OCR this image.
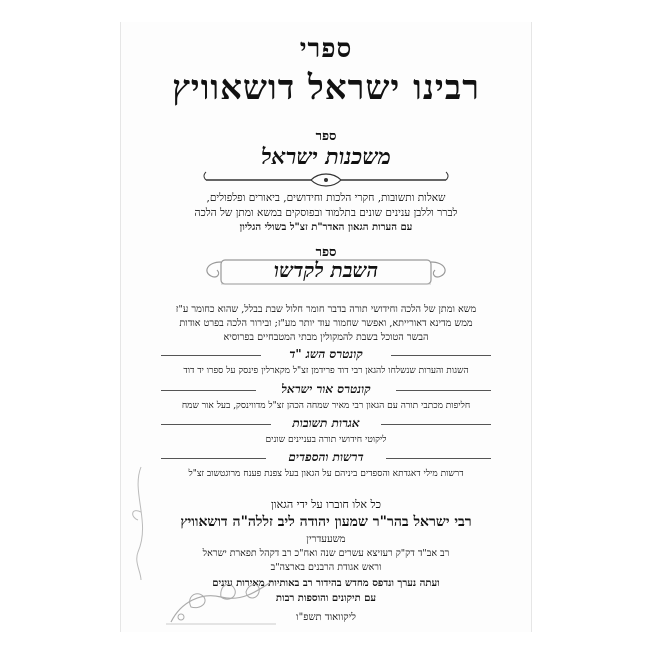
ספרי
רבינו ישראל דושאוויץ
ספר
משכנות ישראל
שאלות ותשובות, חקרי הלכות וחידושים, ביאורים ופלפולים,
לברר וללבן ענינים שונים בתלמוד ובפוסקים במשא ומתן של הלכה
עם הערות הגאון האדר"ת זצ"ל בשולי הגליון
ספר
השבת לקדשו
משא ומתן של הלכה וחידושי תורה בדבר חומר חלול שבת בבלל, שהוא כחומר ע"ז
ממש מדינא דאורייתא, ואפשר שחמור עוד יותר מע"ז; ובירור הלכה בפרט אודות
הבשר הטוכל בשבת להמקולין מבתי המטבחיים בפרוסיא
קונטרס השג "ד
השגות והערות שנשלחו להגאן רבי דוד פרידמן זצ"ל מקארלין פינסק על ספרו יד דוד
קונטרס אור ישראל
חליפות מכתבי תורה עם הגאון רבי מאיר שמחה הכהן זצ"ל מדווינסק, בעל אור שמח
אגרות תשובות
ליקוטי חידושי תורה בעניינים שונים
דרשות והספדים
דרשות מילי דאגדתא והספדים ביניהם על הגאון בעל צפנת פענח מרוגטשוב זצ"ל
כל אלו חוברו על ידי הגאון
רבי ישראל בהר"ר שמעון יהודה ליב זללה"ה דושאוויץ
משעעדרין
רב אב"ד דק"ק רעזיצא עשרים שנה ואח"כ רב דקהל תפארת ישראל
וראש אגודת הרבנים בארצה"ב
ועתה נערך ונדפס מחדש בהידור רב באותיות מאירות עינים
עם תיקונים והוספות רבות
ליקוואוד תשפ"ו
